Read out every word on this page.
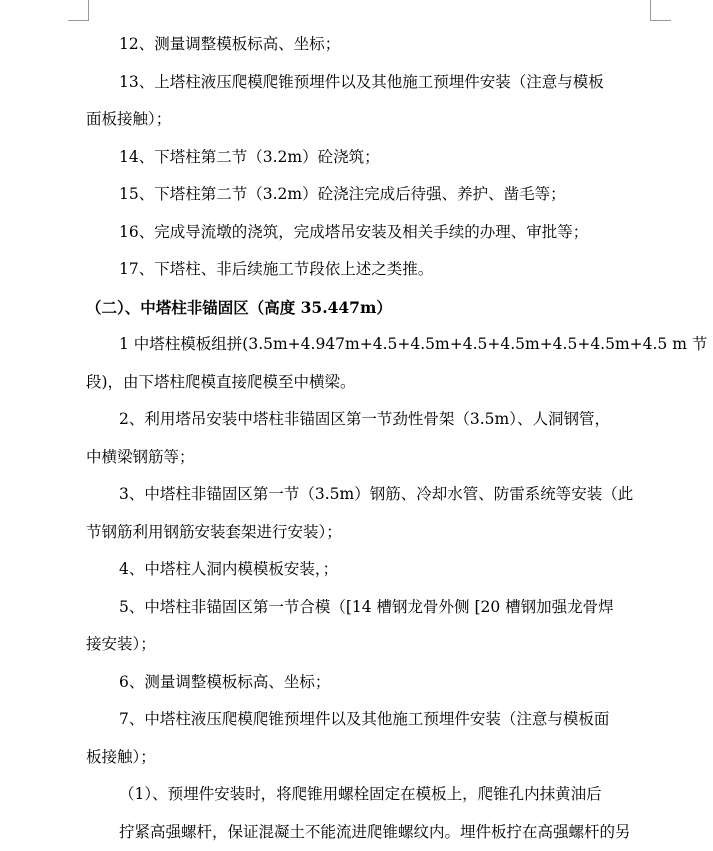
12、测量调整模板标高、坐标；

13、上塔柱液压爬模爬锥预埋件以及其他施工预埋件安装（注意与模板
面板接触）；

14、下塔柱第二节（3.2m）砼浇筑；

15、下塔柱第二节（3.2m）砼浇注完成后待强、养护、凿毛等；

16、完成导流墩的浇筑，完成塔吊安装及相关手续的办理、审批等；

17、下塔柱、非后续施工节段依上述之类推。

（二）、中塔柱非锚固区（高度 35.447m）

1 中塔柱模板组拼(3.5m+4.947m+4.5+4.5m+4.5+4.5m+4.5+4.5m+4.5 m 节
段)，由下塔柱爬模直接爬模至中横梁。

2、利用塔吊安装中塔柱非锚固区第一节劲性骨架（3.5m）、人洞钢管，
中横梁钢筋等；

3、中塔柱非锚固区第一节（3.5m）钢筋、冷却水管、防雷系统等安装（此
节钢筋利用钢筋安装套架进行安装）；

4、中塔柱人洞内模模板安装，；

5、中塔柱非锚固区第一节合模（[14 槽钢龙骨外侧 [20 槽钢加强龙骨焊
接安装）；

6、测量调整模板标高、坐标；

7、中塔柱液压爬模爬锥预埋件以及其他施工预埋件安装（注意与模板面
板接触）；

（1）、预埋件安装时，将爬锥用螺栓固定在模板上，爬锥孔内抹黄油后
拧紧高强螺杆，保证混凝土不能流进爬锥螺纹内。埋件板拧在高强螺杆的另
